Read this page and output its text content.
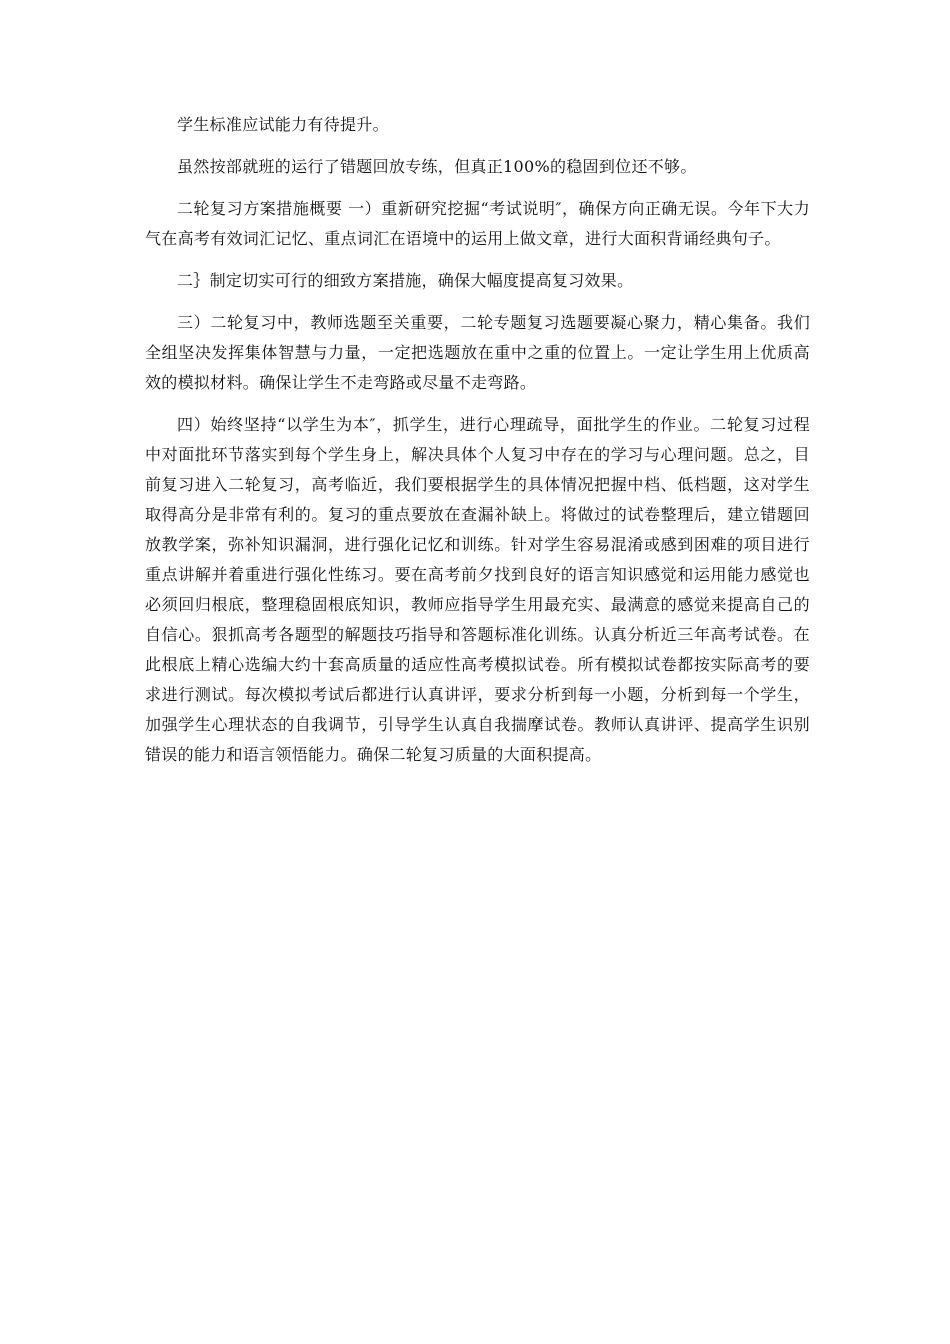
学生标准应试能力有待提升。

虽然按部就班的运行了错题回放专练，但真正100%的稳固到位还不够。

二轮复习方案措施概要 一）重新研究挖掘“考试说明″，确保方向正确无误。今年下大力气在高考有效词汇记忆、重点词汇在语境中的运用上做文章，进行大面积背诵经典句子。

二｝制定切实可行的细致方案措施，确保大幅度提高复习效果。

三）二轮复习中，教师选题至关重要，二轮专题复习选题要凝心聚力，精心集备。我们全组坚决发挥集体智慧与力量，一定把选题放在重中之重的位置上。一定让学生用上优质高效的模拟材料。确保让学生不走弯路或尽量不走弯路。

四）始终坚持“以学生为本″，抓学生，进行心理疏导，面批学生的作业。二轮复习过程中对面批环节落实到每个学生身上，解决具体个人复习中存在的学习与心理问题。总之，目前复习进入二轮复习，高考临近，我们要根据学生的具体情况把握中档、低档题，这对学生取得高分是非常有利的。复习的重点要放在查漏补缺上。将做过的试卷整理后，建立错题回放教学案，弥补知识漏洞，进行强化记忆和训练。针对学生容易混淆或感到困难的项目进行重点讲解并着重进行强化性练习。要在高考前夕找到良好的语言知识感觉和运用能力感觉也必须回归根底，整理稳固根底知识，教师应指导学生用最充实、最满意的感觉来提高自己的自信心。狠抓高考各题型的解题技巧指导和答题标准化训练。认真分析近三年高考试卷。在此根底上精心选编大约十套高质量的适应性高考模拟试卷。所有模拟试卷都按实际高考的要求进行测试。每次模拟考试后都进行认真讲评，要求分析到每一小题，分析到每一个学生，加强学生心理状态的自我调节，引导学生认真自我揣摩试卷。教师认真讲评、提高学生识别错误的能力和语言领悟能力。确保二轮复习质量的大面积提高。
